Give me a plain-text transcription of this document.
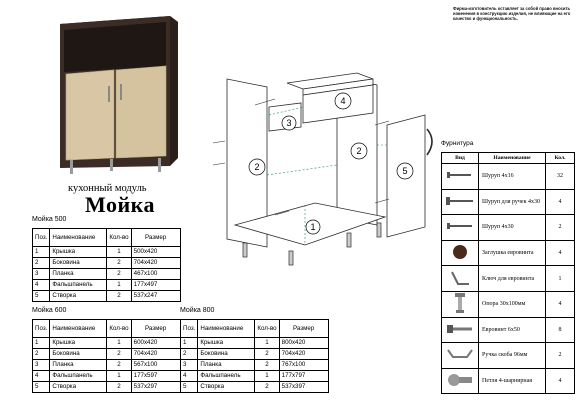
Фирма-изготовитель оставляет за собой право вносить изменения в конструкцию изделия, не влияющие на его качество и функциональность.
кухонный модуль
Мойка
1
2
2
3
4
5
Мойка 500
Поз.	Наименование	Кол-во	Размер
1	Крышка	1	500x420
2	Боковина	2	704x420
3	Планка	2	467x100
4	Фальшпанель	1	177x497
5	Створка	2	537x247
Мойка 600
Поз.	Наименование	Кол-во	Размер
1	Крышка	1	600x420
2	Боковина	2	704x420
3	Планка	2	567x100
4	Фальшпанель	1	177x597
5	Створка	2	537x297
Мойка 800
Поз.	Наименование	Кол-во	Размер
1	Крышка	1	800x420
2	Боковина	2	704x420
3	Планка	2	767x100
4	Фальшпанель	1	177x797
5	Створка	2	537x397
Фурнитура
Вид	Наименование	Кол.
	Шуруп 4x16	32
	Шуруп для ручек 4x30	4
	Шуруп 4x30	2
	Заглушка евровинта	4
	Ключ для евровинта	1
	Опора 30x100мм	4
	Евровинт 6x50	8
	Ручка скоба 96мм	2
	Петля 4-шарнирная	4
